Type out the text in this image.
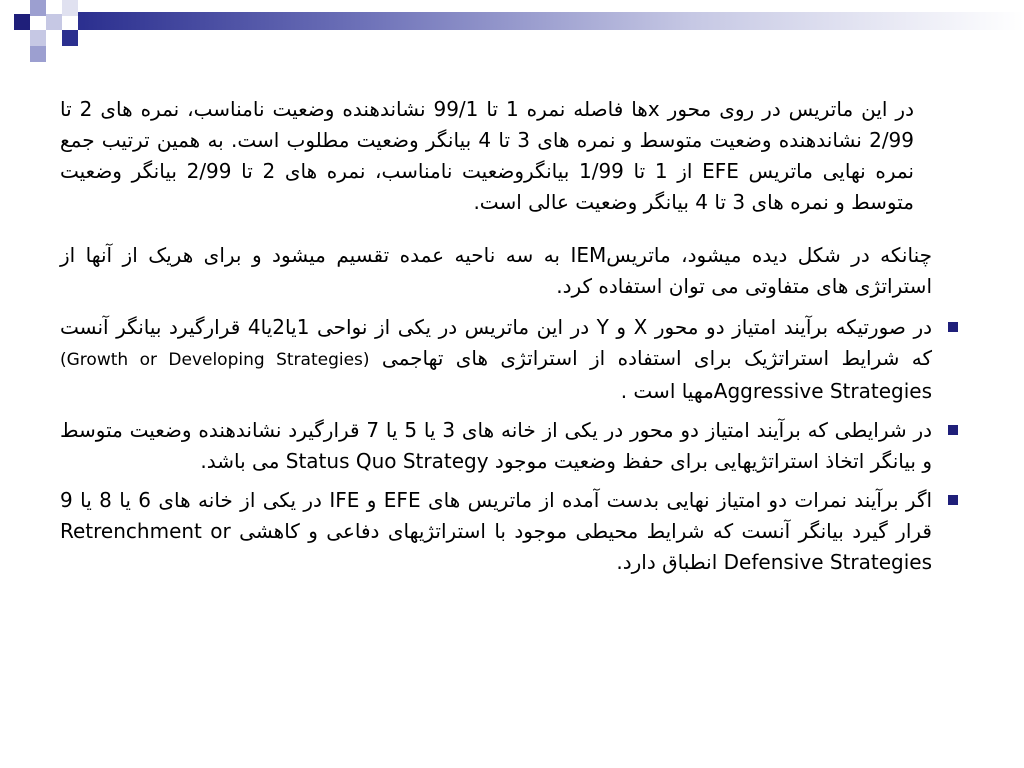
در این ماتریس در روی محور xها فاصله نمره 1 تا 99/1 نشاندهنده وضعیت نامناسب، نمره های 2 تا 2/99 نشاندهنده وضعیت متوسط و نمره های 3 تا 4 بیانگر وضعیت مطلوب است. به همین ترتیب جمع نمره نهایی ماتریس EFE از 1 تا 1/99 بیانگروضعیت نامناسب، نمره های 2 تا 2/99 بیانگر وضعیت متوسط و نمره های 3 تا 4 بیانگر وضعیت عالی است.

چنانکه در شکل دیده میشود، ماتریسIEM به سه ناحیه عمده تقسیم میشود و برای هریک از آنها از استراتژی های متفاوتی می توان استفاده کرد.

در صورتیکه برآیند امتیاز دو محور X و Y در این ماتریس در یکی از نواحی 1یا2یا4 قرارگیرد بیانگر آنست که شرایط استراتژیک برای استفاده از استراتژی های تهاجمی (Growth or Developing Strategies) Aggressive Strategiesمهیا است .
در شرایطی که برآیند امتیاز دو محور در یکی از خانه های 3 یا 5 یا 7 قرارگیرد نشاندهنده وضعیت متوسط و بیانگر اتخاذ استراتژیهایی برای حفظ وضعیت موجود Status Quo Strategy می باشد.
اگر برآیند نمرات دو امتیاز نهایی بدست آمده از ماتریس های EFE و IFE در یکی از خانه های 6 یا 8 یا 9 قرار گیرد بیانگر آنست که شرایط محیطی موجود با استراتژیهای دفاعی و کاهشی Retrenchment or Defensive Strategies انطباق دارد.
